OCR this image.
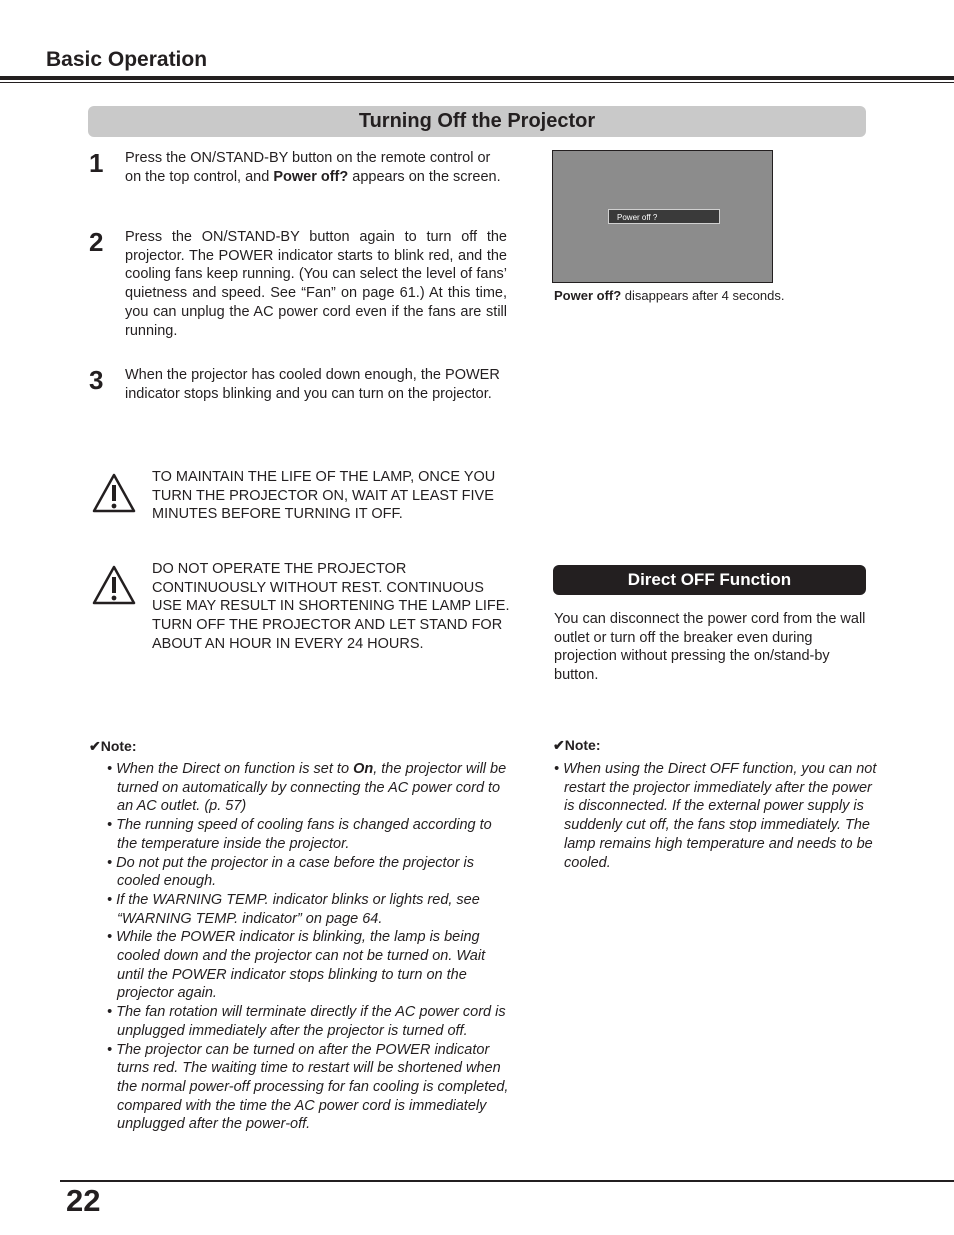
Basic Operation
Turning Off the Projector
1 Press the ON/STAND-BY button on the remote control or on the top control, and Power off? appears on the screen.
2 Press the ON/STAND-BY button again to turn off the projector. The POWER indicator starts to blink red, and the cooling fans keep running. (You can select the level of fans’ quietness and speed. See “Fan” on page 61.) At this time, you can unplug the AC power cord even if the fans are still running.
3 When the projector has cooled down enough, the POWER indicator stops blinking and you can turn on the projector.
TO MAINTAIN THE LIFE OF THE LAMP, ONCE YOU TURN THE PROJECTOR ON, WAIT AT LEAST FIVE MINUTES BEFORE TURNING IT OFF.
DO NOT OPERATE THE PROJECTOR CONTINUOUSLY WITHOUT REST. CONTINUOUS USE MAY RESULT IN SHORTENING THE LAMP LIFE. TURN OFF THE PROJECTOR AND LET STAND FOR ABOUT AN HOUR IN EVERY 24 HOURS.
Power off ?
Power off? disappears after 4 seconds.
Direct OFF Function
You can disconnect the power cord from the wall outlet or turn off the breaker even during projection without pressing the on/stand-by button.
✔Note:
• When the Direct on function is set to On, the projector will be turned on automatically by connecting the AC power cord to an AC outlet. (p. 57)
• The running speed of cooling fans is changed according to the temperature inside the projector.
• Do not put the projector in a case before the projector is cooled enough.
• If the WARNING TEMP. indicator blinks or lights red, see “WARNING TEMP. indicator” on page 64.
• While the POWER indicator is blinking, the lamp is being cooled down and the projector can not be turned on. Wait until the POWER indicator stops blinking to turn on the projector again.
• The fan rotation will terminate directly if the AC power cord is unplugged immediately after the projector is turned off.
• The projector can be turned on after the POWER indicator turns red. The waiting time to restart will be shortened when the normal power-off processing for fan cooling is completed, compared with the time the AC power cord is immediately unplugged after the power-off.
✔Note:
• When using the Direct OFF function, you can not restart the projector immediately after the power is disconnected. If the external power supply is suddenly cut off, the fans stop immediately. The lamp remains high temperature and needs to be cooled.
22
